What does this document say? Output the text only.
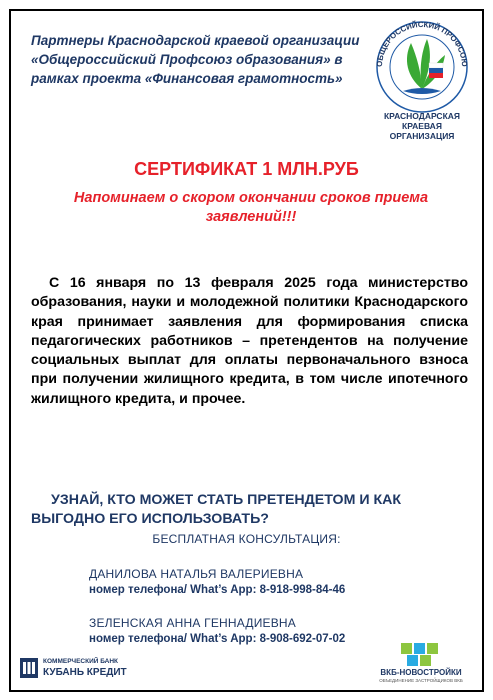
Партнеры Краснодарской краевой организации «Общероссийский Профсоюз образования» в рамках проекта «Финансовая грамотность»
ОБЩЕРОССИЙСКИЙ ПРОФСОЮ
КРАСНОДАРСКАЯ
КРАЕВАЯ
ОРГАНИЗАЦИЯ
СЕРТИФИКАТ 1 МЛН.РУБ
Напоминаем о скором окончании сроков приема заявлений!!!
С 16 января по 13 февраля 2025 года министерство образования, науки и молодежной политики Краснодарского края принимает заявления для формирования списка педагогических работников – претендентов на получение социальных выплат для оплаты первоначального взноса при получении жилищного кредита, в том числе ипотечного жилищного кредита, и прочее.
УЗНАЙ, КТО МОЖЕТ СТАТЬ ПРЕТЕНДЕТОМ И КАК ВЫГОДНО ЕГО ИСПОЛЬЗОВАТЬ?
БЕСПЛАТНАЯ КОНСУЛЬТАЦИЯ:
ДАНИЛОВА НАТАЛЬЯ ВАЛЕРИЕВНА
номер телефона/ What’s App: 8-918-998-84-46
ЗЕЛЕНСКАЯ АННА ГЕННАДИЕВНА
номер телефона/ What’s App: 8-908-692-07-02
КОММЕРЧЕСКИЙ БАНК
КУБАНЬ КРЕДИТ	ВКБ-НОВОСТРОЙКИ
ОБЪЕДИНЕНИЕ ЗАСТРОЙЩИКОВ ВКБ
